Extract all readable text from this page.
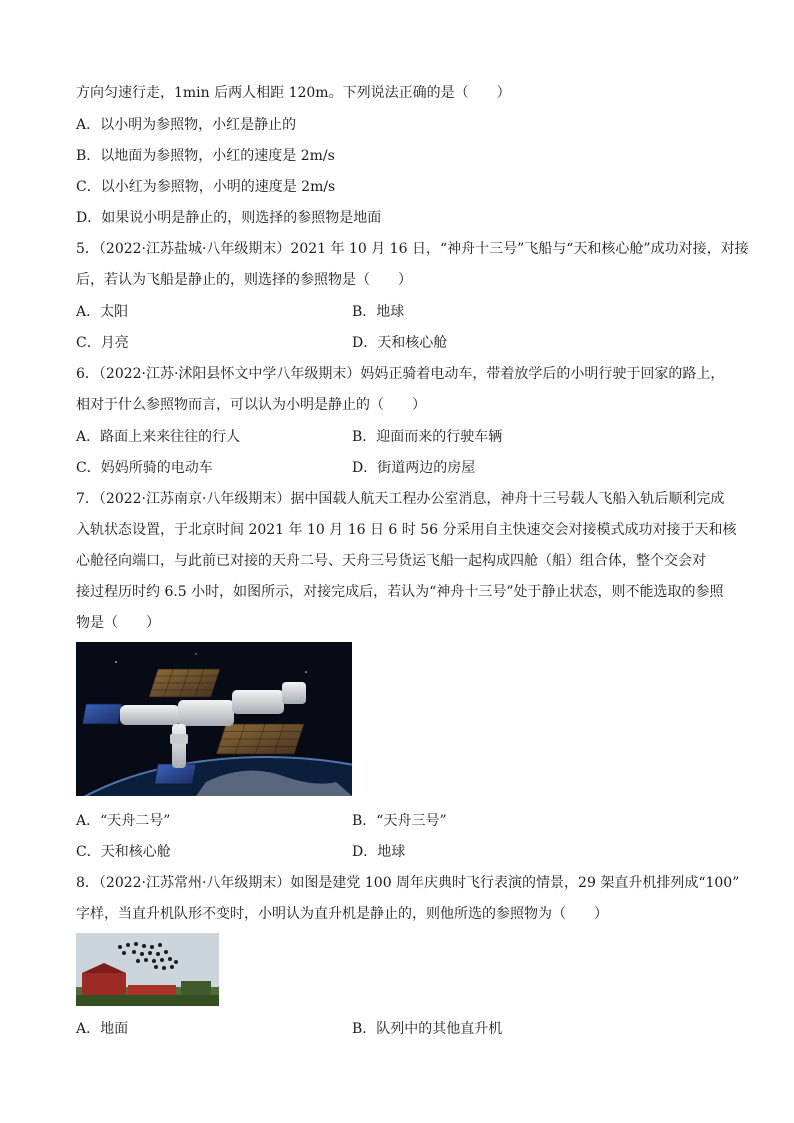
方向匀速行走，1min 后两人相距 120m。下列说法正确的是（　　）
A．以小明为参照物，小红是静止的
B．以地面为参照物，小红的速度是 2m/s
C．以小红为参照物，小明的速度是 2m/s
D．如果说小明是静止的，则选择的参照物是地面
5．（2022·江苏盐城·八年级期末）2021 年 10 月 16 日，“神舟十三号”飞船与“天和核心舱”成功对接，对接
后，若认为飞船是静止的，则选择的参照物是（　　）
A．太阳	B．地球
C．月亮	D．天和核心舱
6．（2022·江苏·沭阳县怀文中学八年级期末）妈妈正骑着电动车，带着放学后的小明行驶于回家的路上，
相对于什么参照物而言，可以认为小明是静止的（　　）
A．路面上来来往往的行人	B．迎面而来的行驶车辆
C．妈妈所骑的电动车	D．街道两边的房屋
7．（2022·江苏南京·八年级期末）据中国载人航天工程办公室消息，神舟十三号载人飞船入轨后顺利完成
入轨状态设置，于北京时间 2021 年 10 月 16 日 6 时 56 分采用自主快速交会对接模式成功对接于天和核
心舱径向端口，与此前已对接的天舟二号、天舟三号货运飞船一起构成四舱（船）组合体，整个交会对
接过程历时约 6.5 小时，如图所示，对接完成后，若认为“神舟十三号”处于静止状态，则不能选取的参照
物是（　　）
A．“天舟二号”	B．“天舟三号”
C．天和核心舱	D．地球
8．（2022·江苏常州·八年级期末）如图是建党 100 周年庆典时飞行表演的情景，29 架直升机排列成“100”
字样，当直升机队形不变时，小明认为直升机是静止的，则他所选的参照物为（　　）
A．地面	B．队列中的其他直升机
